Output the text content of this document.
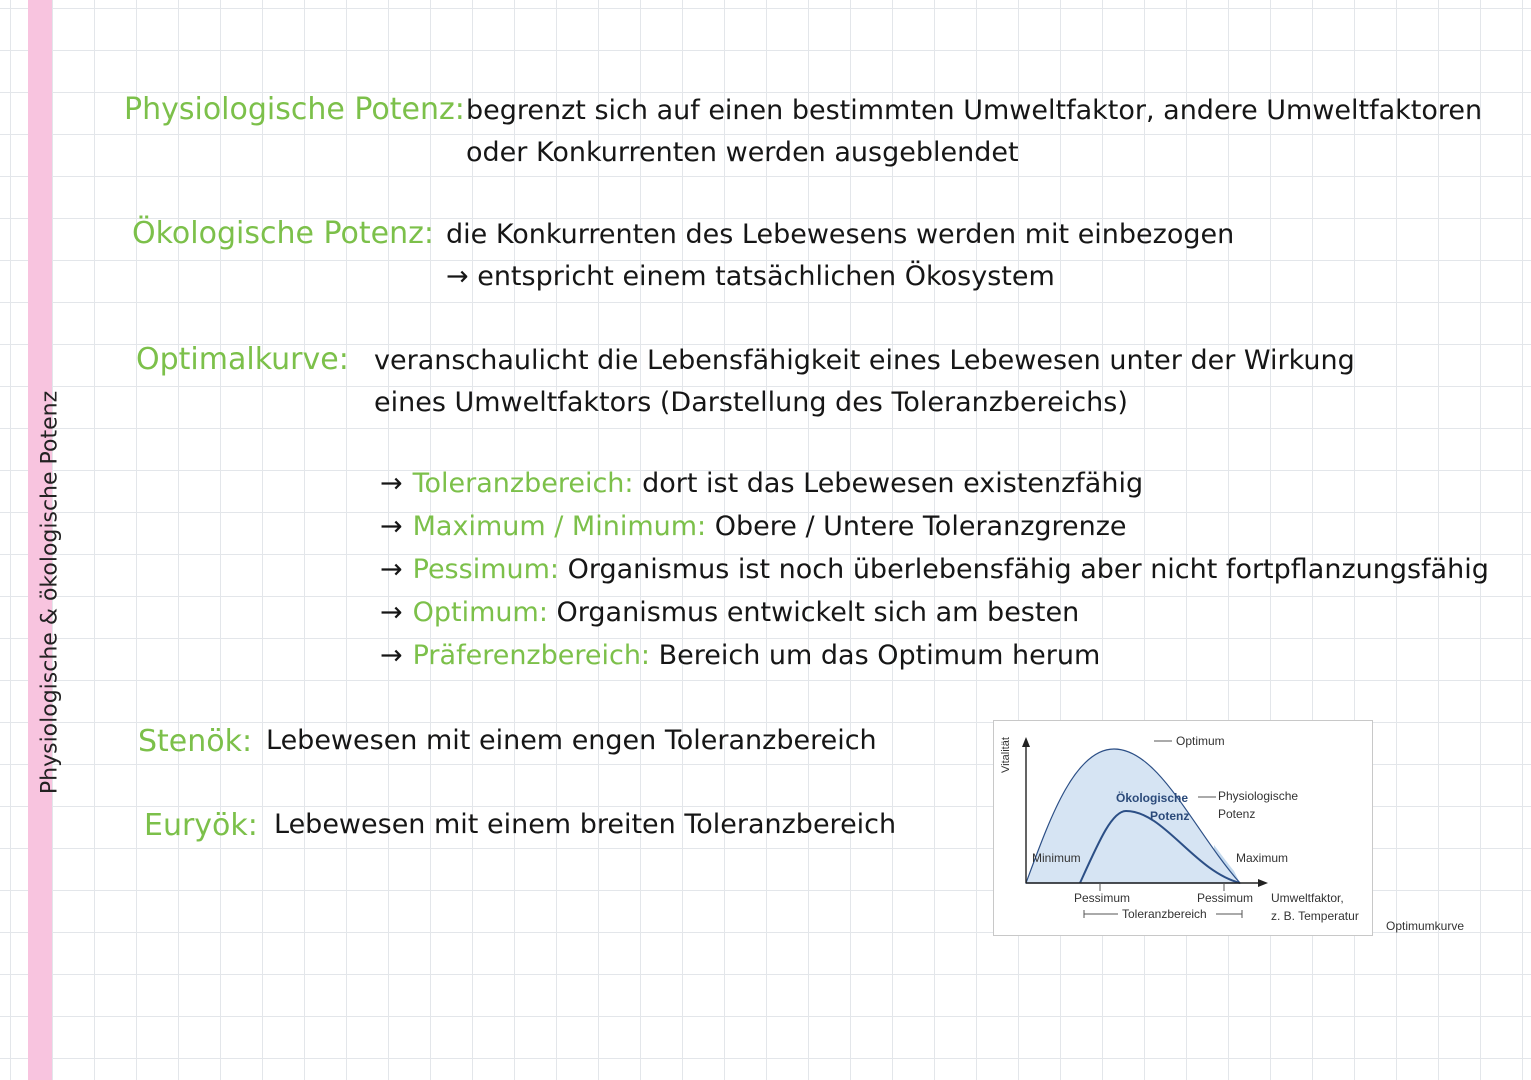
Physiologische & ökologische Potenz
Physiologische Potenz: begrenzt sich auf einen bestimmten Umweltfaktor, andere Umweltfaktoren
oder Konkurrenten werden ausgeblendet
Ökologische Potenz: die Konkurrenten des Lebewesens werden mit einbezogen
→ entspricht einem tatsächlichen Ökosystem
Optimalkurve: veranschaulicht die Lebensfähigkeit eines Lebewesen unter der Wirkung
eines Umweltfaktors (Darstellung des Toleranzbereichs)
→ Toleranzbereich: dort ist das Lebewesen existenzfähig
→ Maximum / Minimum: Obere / Untere Toleranzgrenze
→ Pessimum: Organismus ist noch überlebensfähig aber nicht fortpflanzungsfähig
→ Optimum: Organismus entwickelt sich am besten
→ Präferenzbereich: Bereich um das Optimum herum
Stenök: Lebewesen mit einem engen Toleranzbereich
Euryök: Lebewesen mit einem breiten Toleranzbereich
Vitalität	Optimum
Ökologische
Potenz
Physiologische
Potenz
Minimum	Maximum
Pessimum	Pessimum
Toleranzbereich
Umweltfaktor,
z. B. Temperatur
Optimumkurve
